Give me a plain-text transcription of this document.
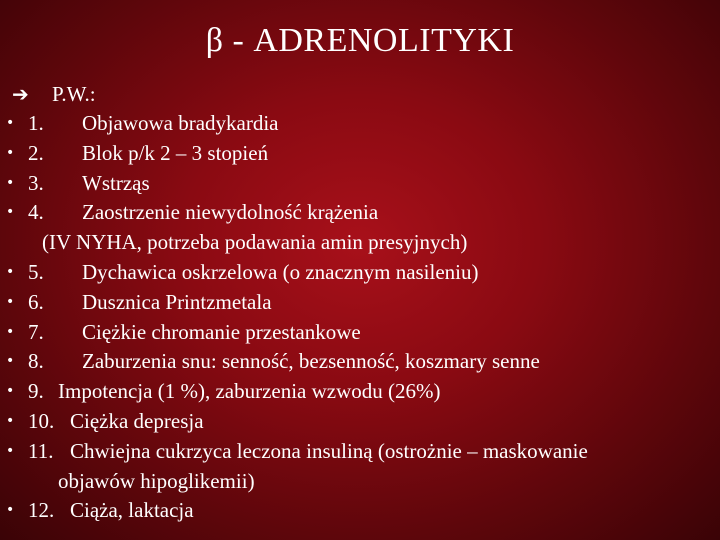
β - ADRENOLITYKI
➔ P.W.:
• 1. Objawowa bradykardia
• 2. Blok p/k 2 – 3 stopień
• 3. Wstrząs
• 4. Zaostrzenie niewydolność krążenia
(IV NYHA, potrzeba podawania amin presyjnych)
• 5. Dychawica oskrzelowa (o znacznym nasileniu)
• 6. Dusznica Printzmetala
• 7. Ciężkie chromanie przestankowe
• 8. Zaburzenia snu: senność, bezsenność, koszmary senne
• 9. Impotencja (1 %), zaburzenia wzwodu (26%)
• 10. Ciężka depresja
• 11. Chwiejna cukrzyca leczona insuliną (ostrożnie – maskowanie
objawów hipoglikemii)
• 12. Ciąża, laktacja
